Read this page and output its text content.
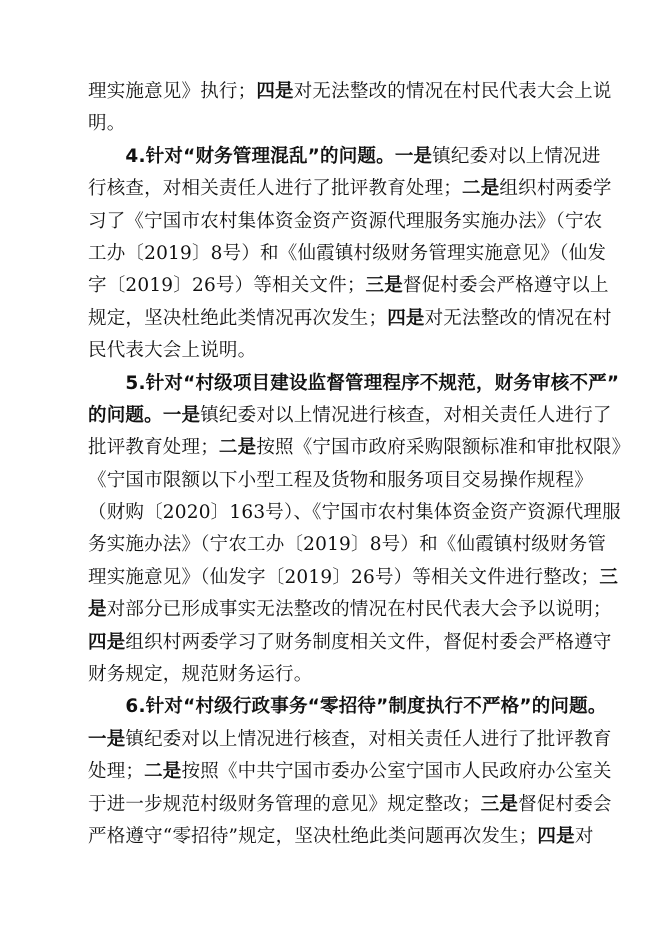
理实施意见》执行；四是对无法整改的情况在村民代表大会上说
明。
　　4.针对“财务管理混乱”的问题。一是镇纪委对以上情况进
行核查，对相关责任人进行了批评教育处理；二是组织村两委学
习了《宁国市农村集体资金资产资源代理服务实施办法》（宁农
工办〔2019〕8号）和《仙霞镇村级财务管理实施意见》（仙发
字〔2019〕26号）等相关文件；三是督促村委会严格遵守以上
规定，坚决杜绝此类情况再次发生；四是对无法整改的情况在村
民代表大会上说明。
　　5.针对“村级项目建设监督管理程序不规范，财务审核不严”
的问题。一是镇纪委对以上情况进行核查，对相关责任人进行了
批评教育处理；二是按照《宁国市政府采购限额标准和审批权限》
《宁国市限额以下小型工程及货物和服务项目交易操作规程》
（财购〔2020〕163号）、《宁国市农村集体资金资产资源代理服
务实施办法》（宁农工办〔2019〕8号）和《仙霞镇村级财务管
理实施意见》（仙发字〔2019〕26号）等相关文件进行整改；三
是对部分已形成事实无法整改的情况在村民代表大会予以说明；
四是组织村两委学习了财务制度相关文件，督促村委会严格遵守
财务规定，规范财务运行。
　　6.针对“村级行政事务“零招待”制度执行不严格”的问题。
一是镇纪委对以上情况进行核查，对相关责任人进行了批评教育
处理；二是按照《中共宁国市委办公室宁国市人民政府办公室关
于进一步规范村级财务管理的意见》规定整改；三是督促村委会
严格遵守“零招待”规定，坚决杜绝此类问题再次发生；四是对
